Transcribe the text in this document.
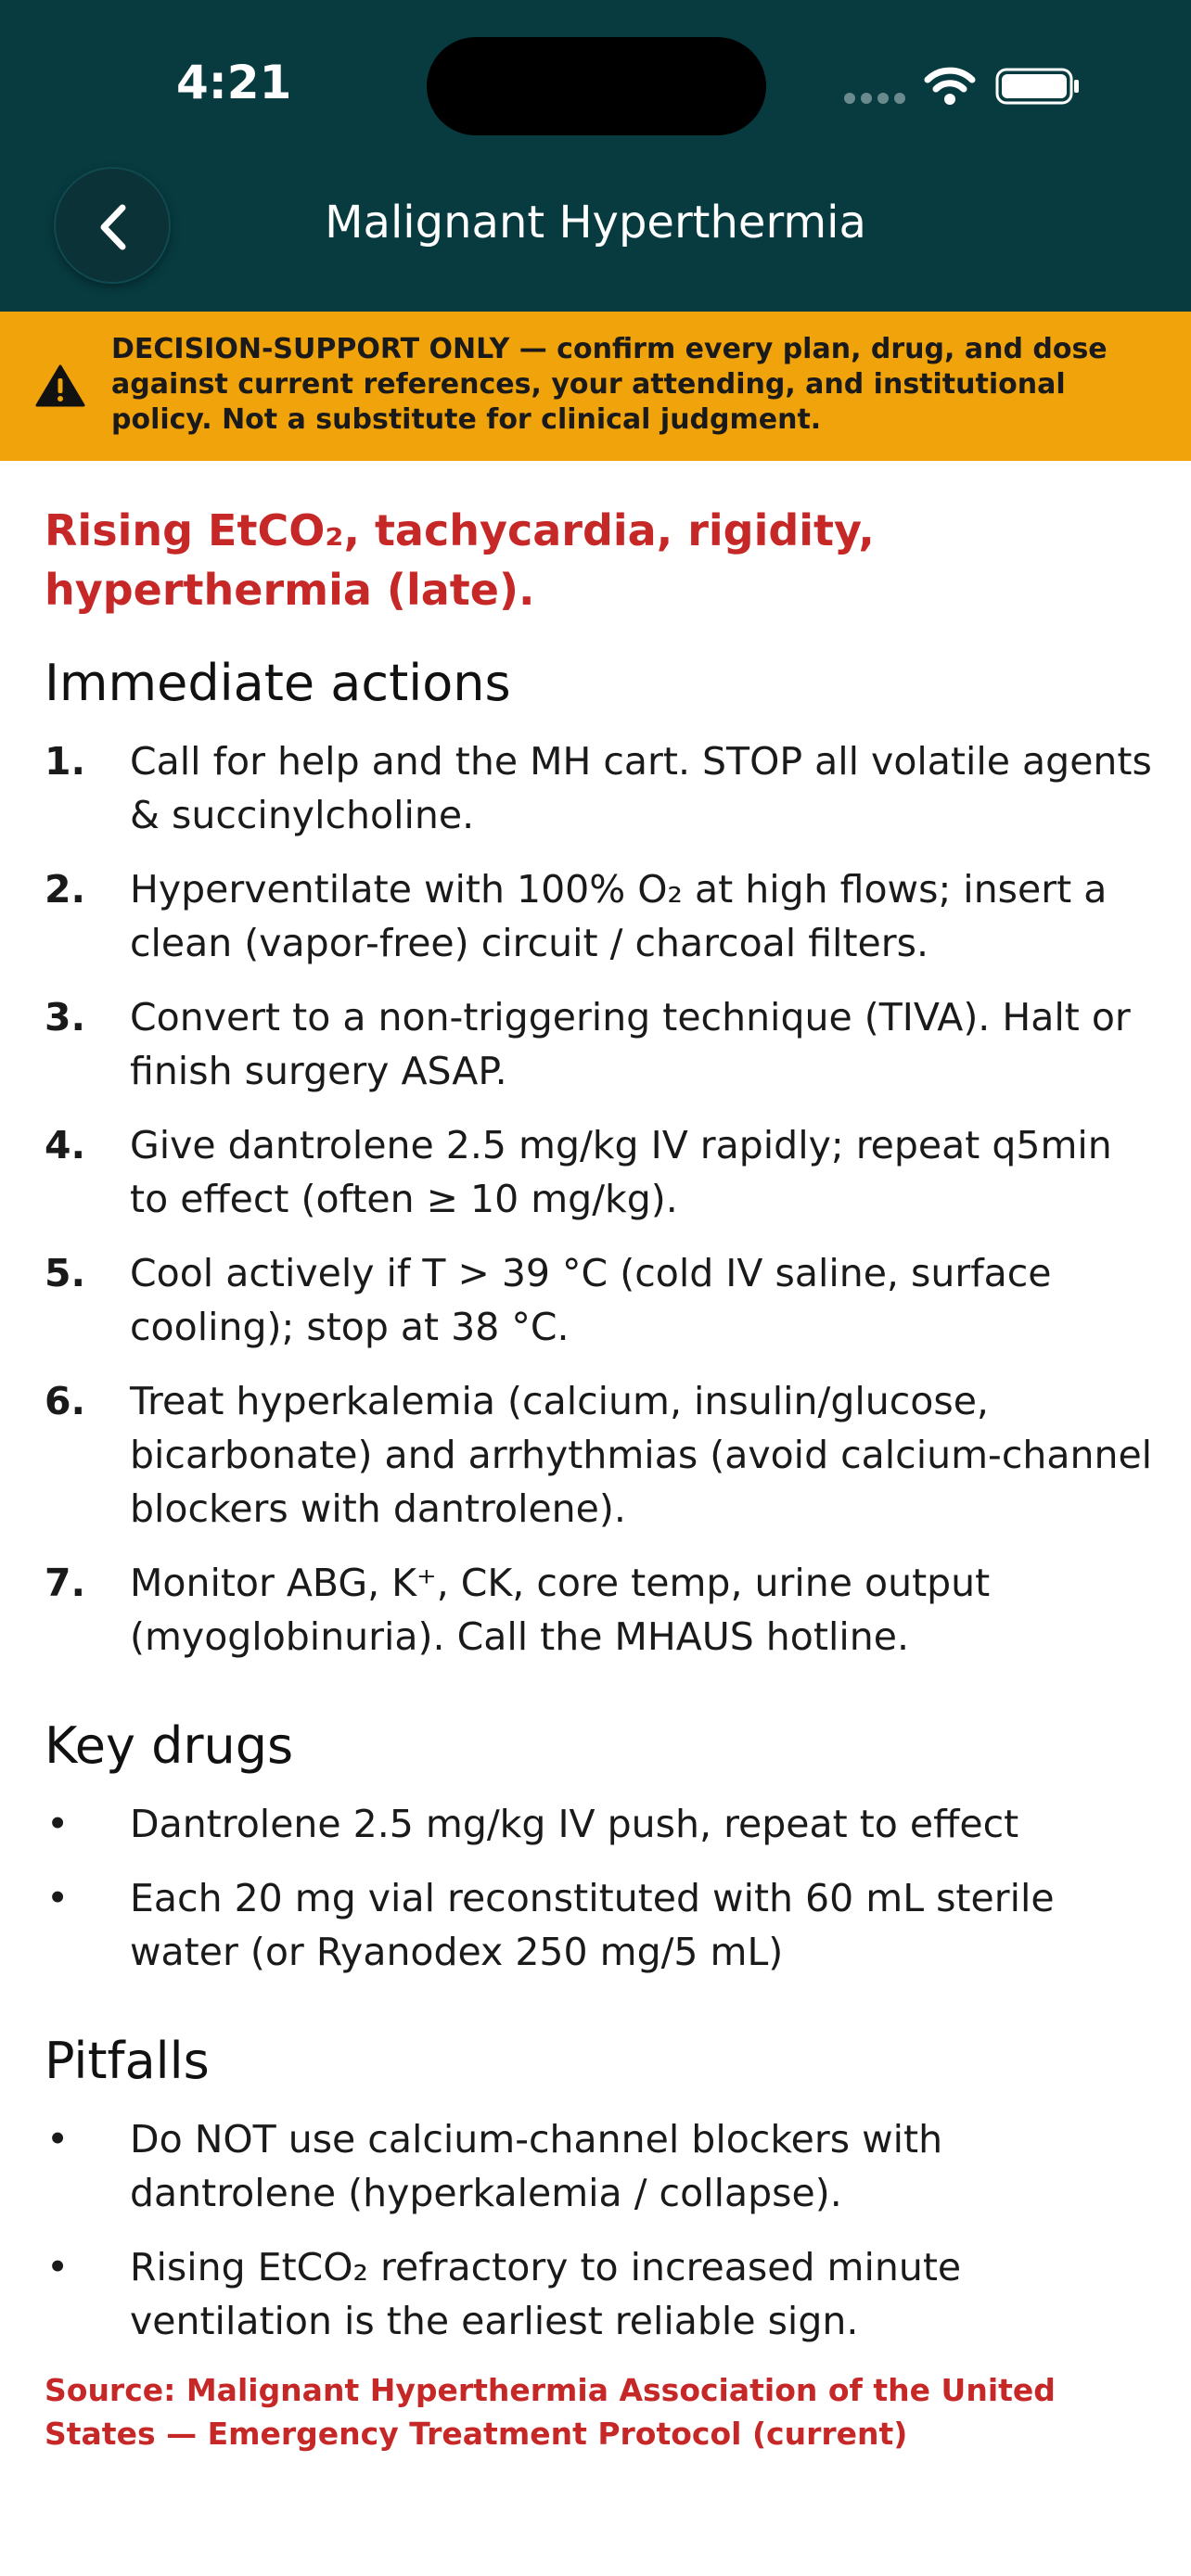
4:21
Malignant Hyperthermia
DECISION-SUPPORT ONLY — confirm every plan, drug, and dose against current references, your attending, and institutional policy. Not a substitute for clinical judgment.
Rising EtCO₂, tachycardia, rigidity, hyperthermia (late).
Immediate actions
1. Call for help and the MH cart. STOP all volatile agents & succinylcholine.
2. Hyperventilate with 100% O₂ at high flows; insert a clean (vapor-free) circuit / charcoal filters.
3. Convert to a non-triggering technique (TIVA). Halt or finish surgery ASAP.
4. Give dantrolene 2.5 mg/kg IV rapidly; repeat q5min to effect (often ≥ 10 mg/kg).
5. Cool actively if T > 39 °C (cold IV saline, surface cooling); stop at 38 °C.
6. Treat hyperkalemia (calcium, insulin/glucose, bicarbonate) and arrhythmias (avoid calcium-channel blockers with dantrolene).
7. Monitor ABG, K⁺, CK, core temp, urine output (myoglobinuria). Call the MHAUS hotline.
Key drugs
• Dantrolene 2.5 mg/kg IV push, repeat to effect
• Each 20 mg vial reconstituted with 60 mL sterile water (or Ryanodex 250 mg/5 mL)
Pitfalls
• Do NOT use calcium-channel blockers with dantrolene (hyperkalemia / collapse).
• Rising EtCO₂ refractory to increased minute ventilation is the earliest reliable sign.
Source: Malignant Hyperthermia Association of the United States — Emergency Treatment Protocol (current)
